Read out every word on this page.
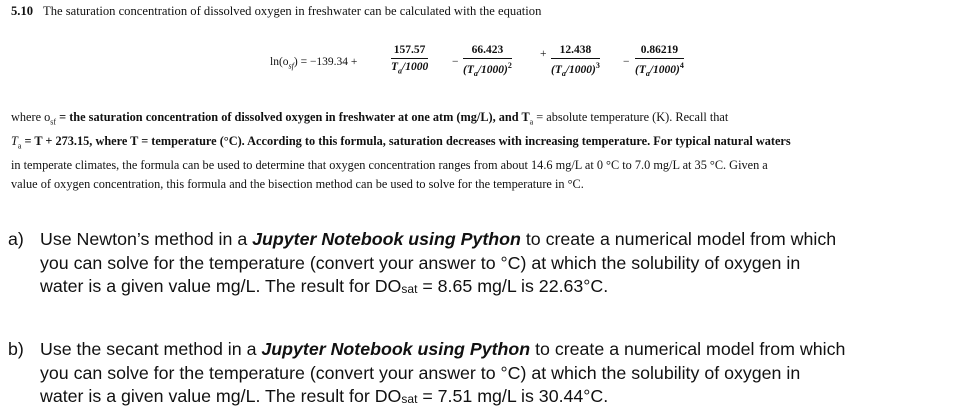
5.10 The saturation concentration of dissolved oxygen in freshwater can be calculated with the equation
$\ln(o_{sf}) = -139.34$ +	$\frac{157.57}{T_a/1000} - \frac{66.423}{(T_a/1000)^2} + \frac{12.438}{(T_a/1000)^3} - \frac{0.86219}{(T_a/1000)^4}$

where $o_{sf}$ = the saturation concentration of dissolved oxygen in freshwater at one atm (mg/L), and $T_a$ = absolute temperature (K). Recall that

$T_a = T + 273.15$, where T = temperature (°C). According to this formula, saturation decreases with increasing temperature. For typical natural waters

in temperate climates, the formula can be used to determine that oxygen concentration ranges from about 14.6 mg/L at 0 °C to 7.0 mg/L at 35 °C. Given a

value of oxygen concentration, this formula and the bisection method can be used to solve for the temperature in °C.

a) Use Newton’s method in a Jupyter Notebook using Python to create a numerical model from which
you can solve for the temperature (convert your answer to °C) at which the solubility of oxygen in
water is a given value mg/L. The result for DOsat = 8.65 mg/L is 22.63°C.
b) Use the secant method in a Jupyter Notebook using Python to create a numerical model from which
you can solve for the temperature (convert your answer to °C) at which the solubility of oxygen in
water is a given value mg/L. The result for DOsat = 7.51 mg/L is 30.44°C.
